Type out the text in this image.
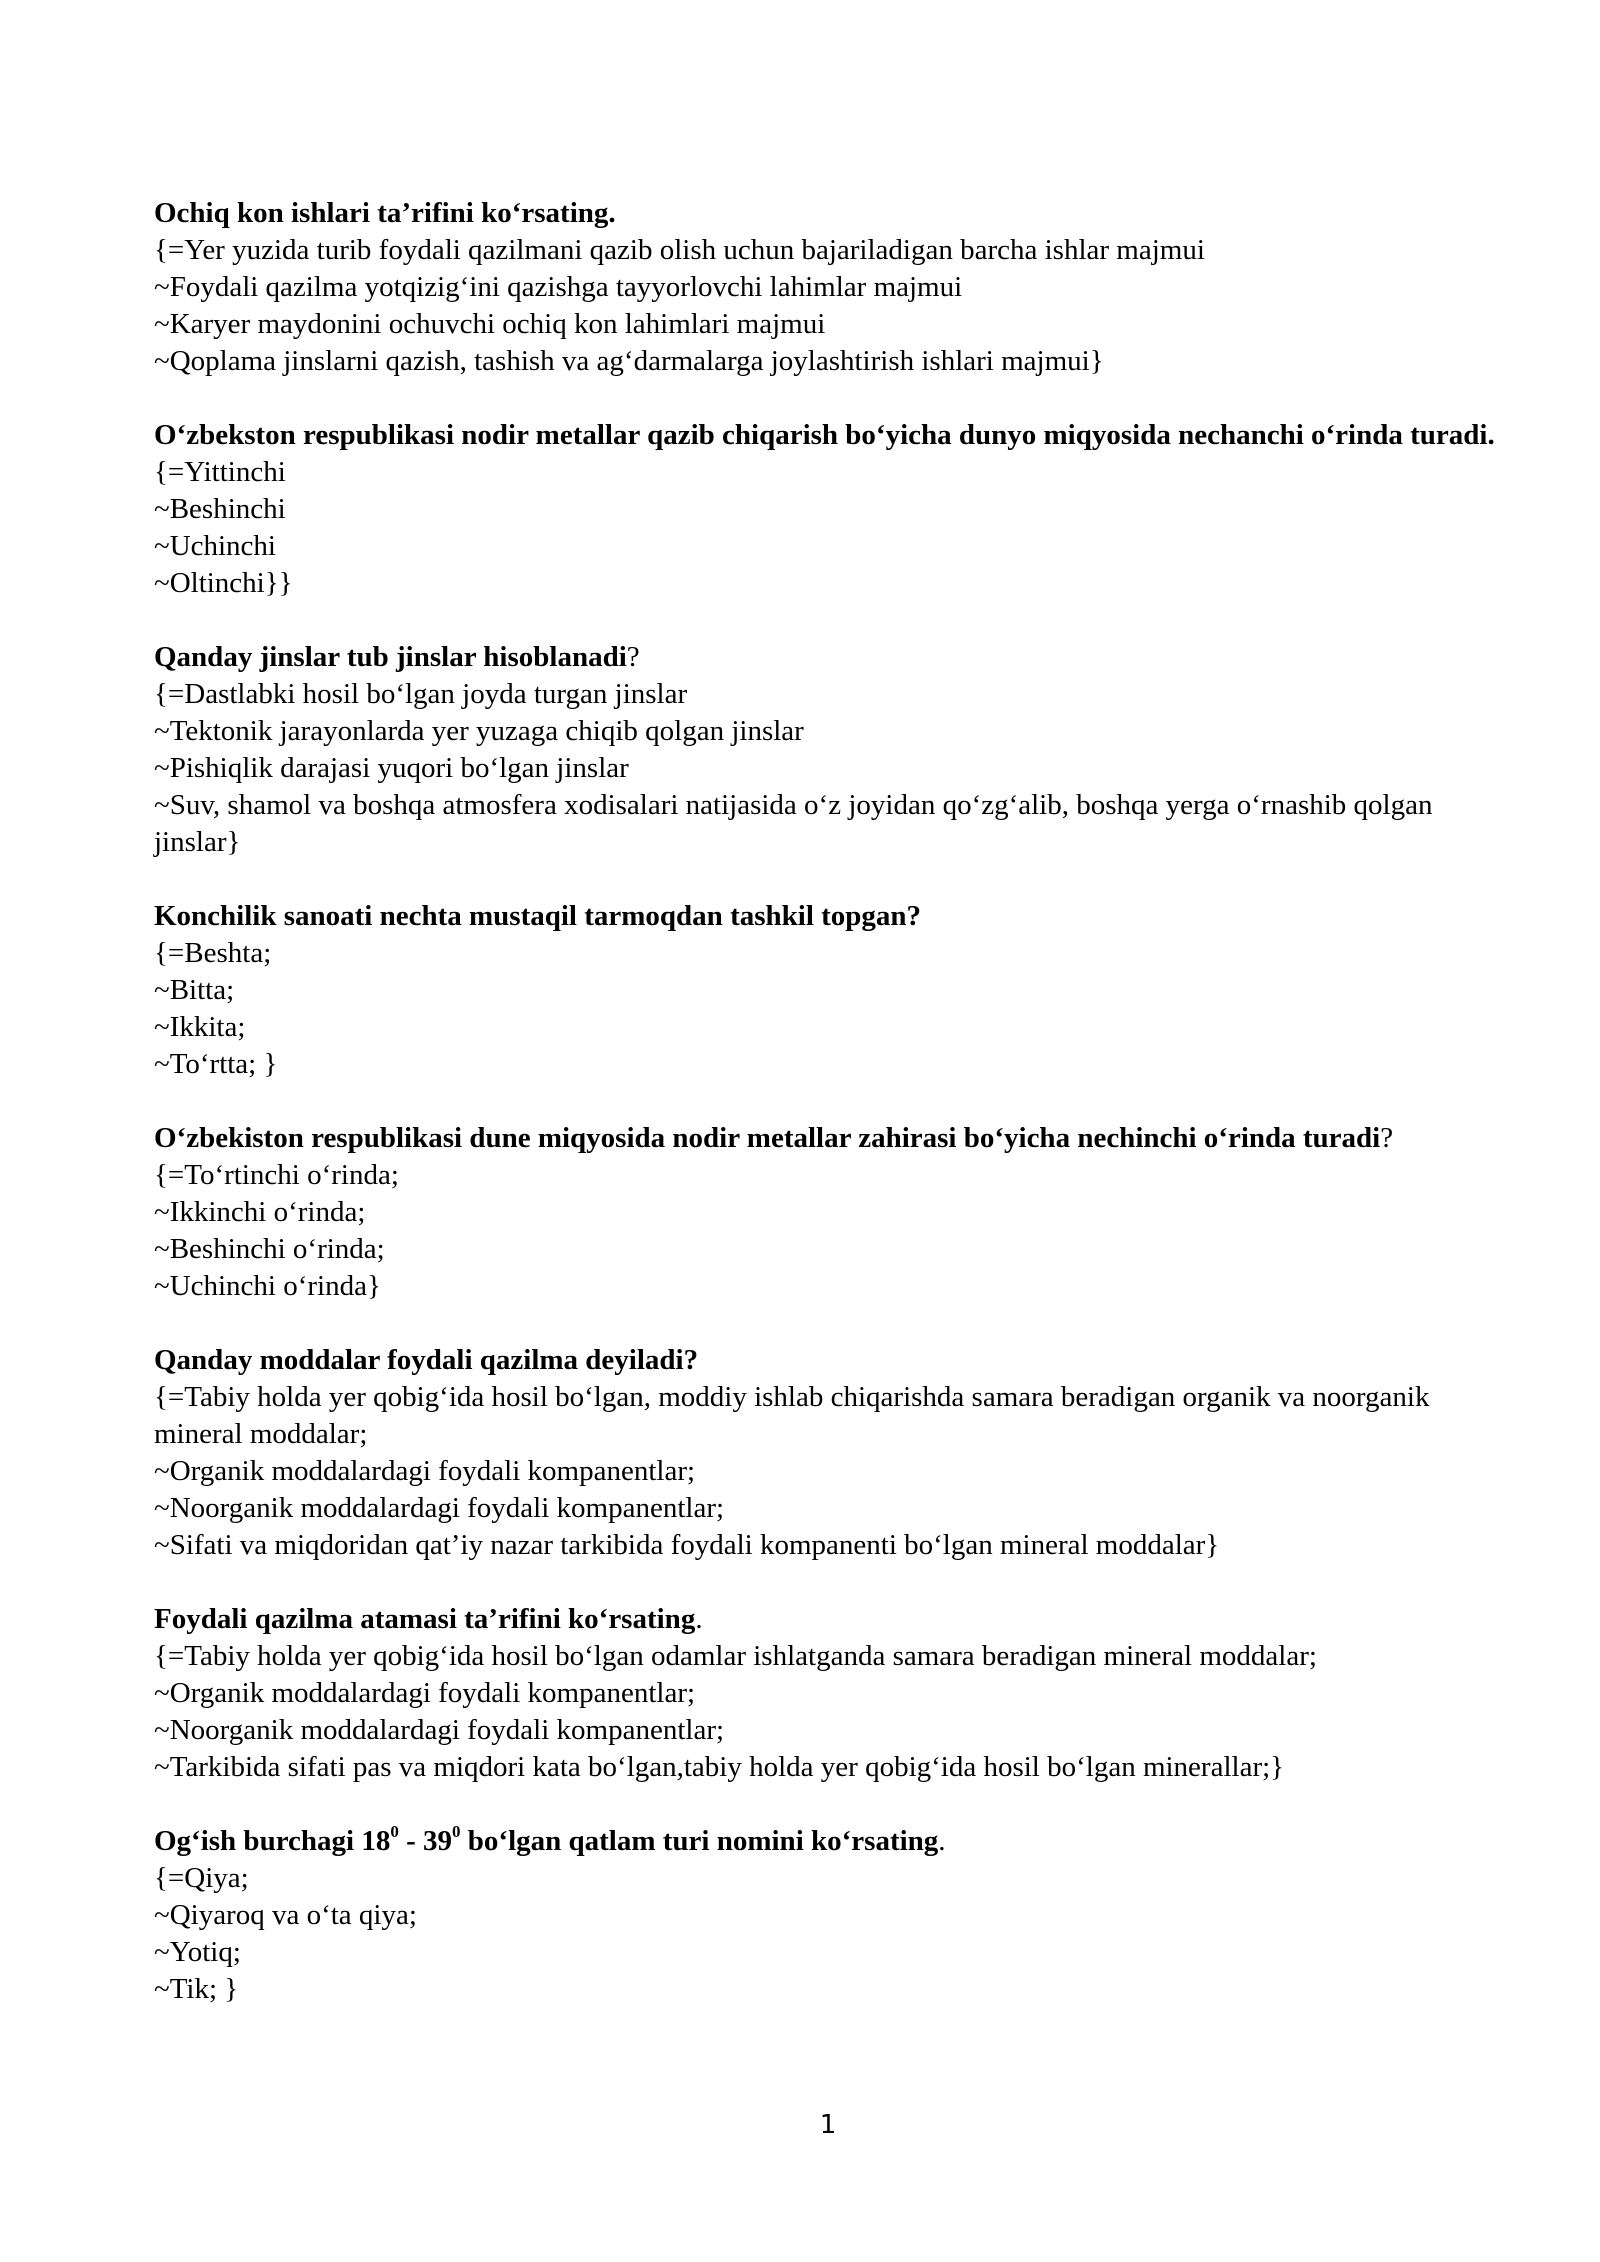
Ochiq kon ishlari ta’rifini ko‘rsating.
{=Yer yuzida turib foydali qazilmani qazib olish uchun bajariladigan barcha ishlar majmui
~Foydali qazilma yotqizig‘ini qazishga tayyorlovchi lahimlar majmui
~Karyer maydonini ochuvchi ochiq kon lahimlari majmui
~Qoplama jinslarni qazish, tashish va ag‘darmalarga joylashtirish ishlari majmui}
O‘zbekston respublikasi nodir metallar qazib chiqarish bo‘yicha dunyo miqyosida nechanchi o‘rinda turadi.
{=Yittinchi
~Beshinchi
~Uchinchi
~Oltinchi}}
Qanday jinslar tub jinslar hisoblanadi?
{=Dastlabki hosil bo‘lgan joyda turgan jinslar
~Tektonik jarayonlarda yer yuzaga chiqib qolgan jinslar
~Pishiqlik darajasi yuqori bo‘lgan jinslar
~Suv, shamol va boshqa atmosfera xodisalari natijasida o‘z joyidan qo‘zg‘alib, boshqa yerga o‘rnashib qolgan jinslar}
Konchilik sanoati nechta mustaqil tarmoqdan tashkil topgan?
{=Beshta;
~Bitta;
~Ikkita;
~To‘rtta; }
O‘zbekiston respublikasi dune miqyosida nodir metallar zahirasi bo‘yicha nechinchi o‘rinda turadi?
{=To‘rtinchi o‘rinda;
~Ikkinchi o‘rinda;
~Beshinchi o‘rinda;
~Uchinchi o‘rinda}
Qanday moddalar foydali qazilma deyiladi?
{=Tabiy holda yer qobig‘ida hosil bo‘lgan, moddiy ishlab chiqarishda samara beradigan organik va noorganik mineral moddalar;
~Organik moddalardagi foydali kompanentlar;
~Noorganik moddalardagi foydali kompanentlar;
~Sifati va miqdoridan qat’iy nazar tarkibida foydali kompanenti bo‘lgan mineral moddalar}
Foydali qazilma atamasi ta’rifini ko‘rsating.
{=Tabiy holda yer qobig‘ida hosil bo‘lgan odamlar ishlatganda samara beradigan mineral moddalar;
~Organik moddalardagi foydali kompanentlar;
~Noorganik moddalardagi foydali kompanentlar;
~Tarkibida sifati pas va miqdori kata bo‘lgan,tabiy holda yer qobig‘ida hosil bo‘lgan minerallar;}
Og‘ish burchagi $18^0 - 39^0$ bo‘lgan qatlam turi nomini ko‘rsating.
{=Qiya;
~Qiyaroq va o‘ta qiya;
~Yotiq;
~Tik; }
1
